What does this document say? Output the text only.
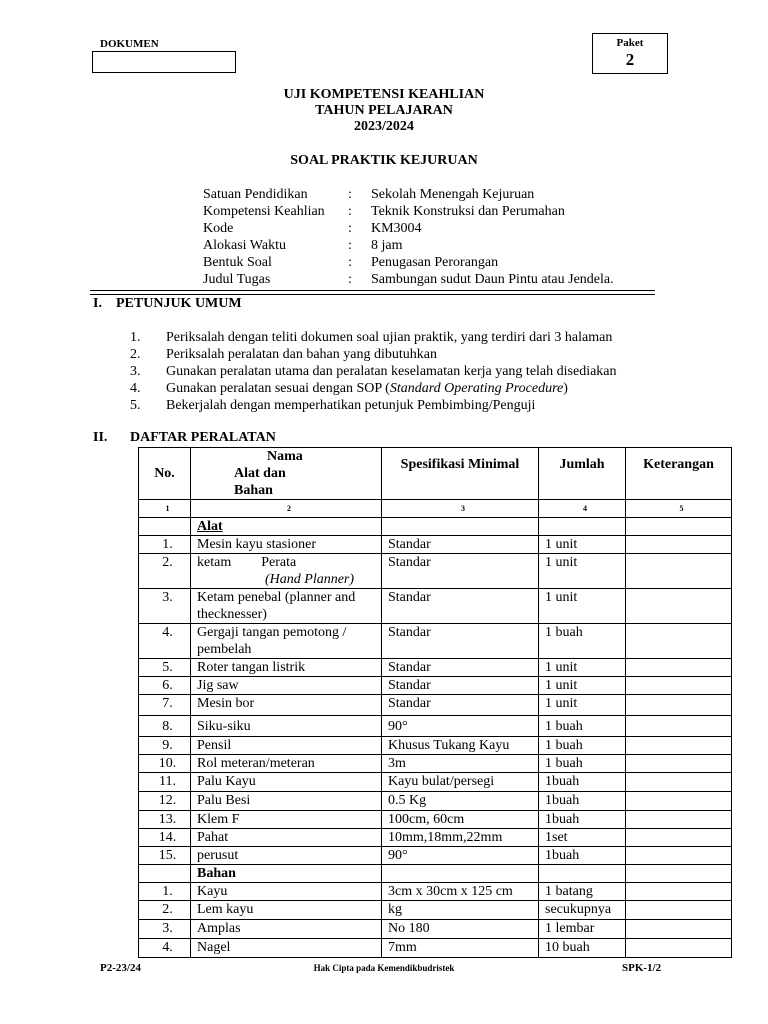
DOKUMEN	Paket
2
UJI KOMPETENSI KEAHLIAN
TAHUN PELAJARAN
2023/2024
SOAL PRAKTIK KEJURUAN
Satuan Pendidikan	: Sekolah Menengah Kejuruan
Kompetensi Keahlian : Teknik Konstruksi dan Perumahan
Kode	: KM3004
Alokasi Waktu	: 8 jam
Bentuk Soal	: Penugasan Perorangan
Judul Tugas	: Sambungan sudut Daun Pintu atau Jendela.
I. PETUNJUK UMUM
1. Periksalah dengan teliti dokumen soal ujian praktik, yang terdiri dari 3 halaman
2. Periksalah peralatan dan bahan yang dibutuhkan
3. Gunakan peralatan utama dan peralatan keselamatan kerja yang telah disediakan
4. Gunakan peralatan sesuai dengan SOP (Standard Operating Procedure)
5. Bekerjalah dengan memperhatikan petunjuk Pembimbing/Penguji
II. DAFTAR PERALATAN
No.	Nama
Alat dan
Bahan	Spesifikasi Minimal	Jumlah	Keterangan
1	2	3	4	5
	Alat			
1.	Mesin kayu stasioner	Standar	1 unit	
2.	ketam Perata
(Hand Planner)	Standar	1 unit	
3.	Ketam penebal (planner and thecknesser)	Standar	1 unit	
4.	Gergaji tangan pemotong / pembelah	Standar	1 buah	
5.	Roter tangan listrik	Standar	1 unit	
6.	Jig saw	Standar	1 unit	
7.	Mesin bor	Standar	1 unit	
8.	Siku-siku	90°	1 buah	
9.	Pensil	Khusus Tukang Kayu	1 buah	
10.	Rol meteran/meteran	3m	1 buah	
11.	Palu Kayu	Kayu bulat/persegi	1buah	
12.	Palu Besi	0.5 Kg	1buah	
13.	Klem F	100cm, 60cm	1buah	
14.	Pahat	10mm,18mm,22mm	1set	
15.	perusut	90°	1buah	
	Bahan			
1.	Kayu	3cm x 30cm x 125 cm	1 batang	
2.	Lem kayu	kg	secukupnya	
3.	Amplas	No 180	1 lembar	
4.	Nagel	7mm	10 buah	
P2-23/24	Hak Cipta pada Kemendikbudristek	SPK-1/2
